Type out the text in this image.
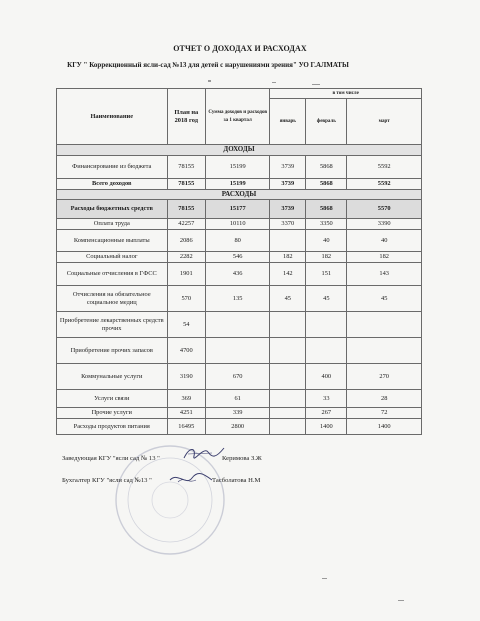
ОТЧЕТ О ДОХОДАХ И РАСХОДАХ
КГУ " Коррекционный ясли-сад №13 для детей с нарушениями зрения" УО Г.АЛМАТЫ
Наименование	План на 2018 год	Сумма доходов и расходов за 1 квартал	в том числе		
			январь	февраль	март
ДОХОДЫ					
Финансирование из бюджета	78155	15199	3739	5868	5592
Всего доходов	78155	15199	3739	5868	5592
РАСХОДЫ					
Расходы бюджетных средств	78155	15177	3739	5868	5570
Оплата труда	42257	10110	3370	3350	3390
Компенсационные выплаты	2086	80		40	40
Социальный налог	2282	546	182	182	182
Социальные отчисления в ГФСС	1901	436	142	151	143
Отчисления на обязательное социальное медиц	570	135	45	45	45
Приобретение лекарственных средств прочих	54				
Приобретение прочих запасов	4700				
Коммунальные услуги	3190	670		400	270
Услуги связи	369	61		33	28
Прочие услуги	4251	339		267	72
Расходы продуктов питания	16495	2800		1400	1400
Заведующая КГУ "ясли сад № 13 "	Керимова З.Ж
Бухгалтер КГУ "ясли сад №13 "	Тасболатова Н.М
